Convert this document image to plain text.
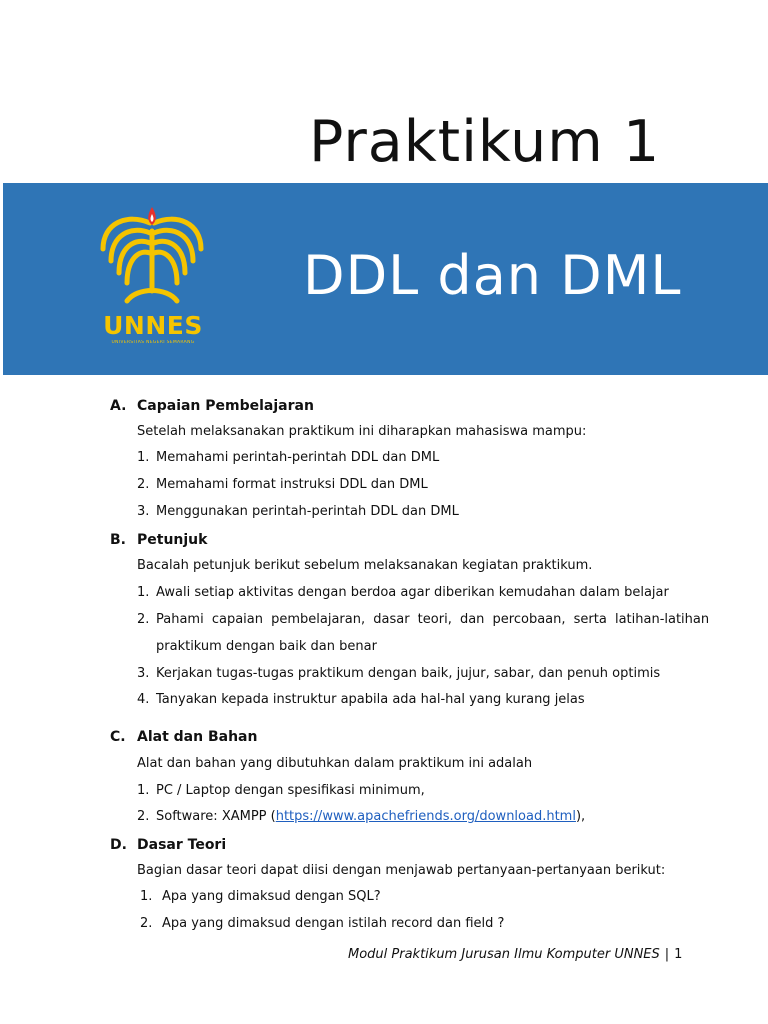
Praktikum 1
UNNES
UNIVERSITAS NEGERI SEMARANG
DDL dan DML
A. Capaian Pembelajaran
Setelah melaksanakan praktikum ini diharapkan mahasiswa mampu:
1. Memahami perintah-perintah DDL dan DML
2. Memahami format instruksi DDL dan DML
3. Menggunakan perintah-perintah DDL dan DML
B. Petunjuk
Bacalah petunjuk berikut sebelum melaksanakan kegiatan praktikum.
1. Awali setiap aktivitas dengan berdoa agar diberikan kemudahan dalam belajar
2. Pahami capaian pembelajaran, dasar teori, dan percobaan, serta latihan-latihan
praktikum dengan baik dan benar
3. Kerjakan tugas-tugas praktikum dengan baik, jujur, sabar, dan penuh optimis
4. Tanyakan kepada instruktur apabila ada hal-hal yang kurang jelas
C. Alat dan Bahan
Alat dan bahan yang dibutuhkan dalam praktikum ini adalah
1. PC / Laptop dengan spesifikasi minimum,
2. Software: XAMPP (https://www.apachefriends.org/download.html),
D. Dasar Teori
Bagian dasar teori dapat diisi dengan menjawab pertanyaan-pertanyaan berikut:
1. Apa yang dimaksud dengan SQL?
2. Apa yang dimaksud dengan istilah record dan field ?
Modul Praktikum Jurusan Ilmu Komputer UNNES | 1
